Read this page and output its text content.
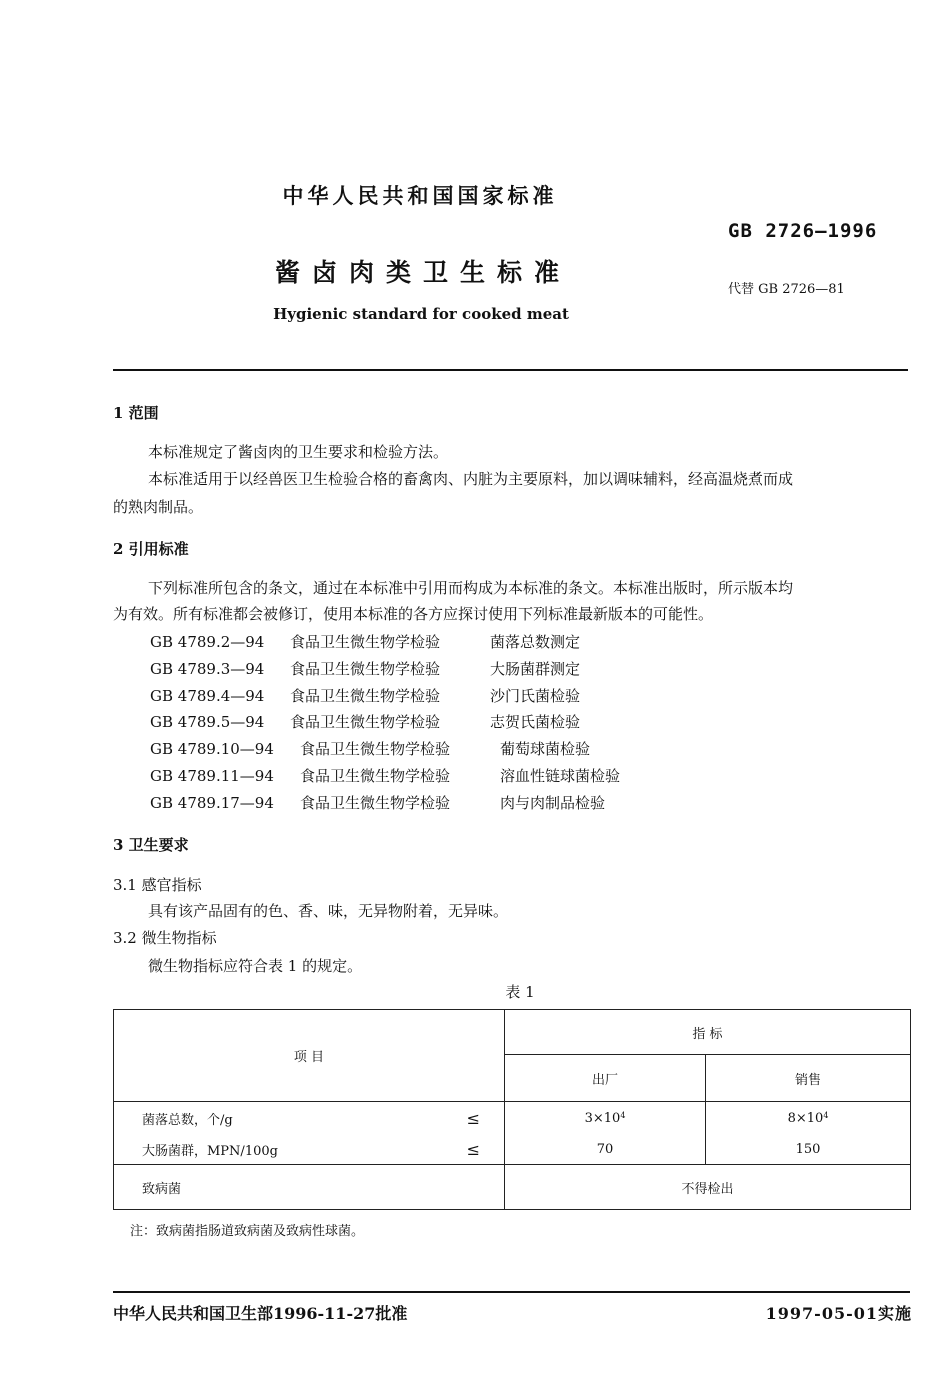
中华人民共和国国家标准
GB 2726—1996
酱卤肉类卫生标准
代替 GB 2726—81
Hygienic standard for cooked meat
1 范围
本标准规定了酱卤肉的卫生要求和检验方法。
本标准适用于以经兽医卫生检验合格的畜禽肉、内脏为主要原料，加以调味辅料，经高温烧煮而成
的熟肉制品。
2 引用标准
下列标准所包含的条文，通过在本标准中引用而构成为本标准的条文。本标准出版时，所示版本均
为有效。所有标准都会被修订，使用本标准的各方应探讨使用下列标准最新版本的可能性。
GB 4789.2—94 食品卫生微生物学检验	菌落总数测定
GB 4789.3—94 食品卫生微生物学检验	大肠菌群测定
GB 4789.4—94 食品卫生微生物学检验	沙门氏菌检验
GB 4789.5—94 食品卫生微生物学检验	志贺氏菌检验
GB 4789.10—94 食品卫生微生物学检验	葡萄球菌检验
GB 4789.11—94 食品卫生微生物学检验	溶血性链球菌检验
GB 4789.17—94 食品卫生微生物学检验	肉与肉制品检验
3 卫生要求
3.1 感官指标
具有该产品固有的色、香、味，无异物附着，无异味。
3.2 微生物指标
微生物指标应符合表 1 的规定。
表 1
项 目	指 标	
	出厂	销售
菌落总数，个/g ≤	$3\times 10^4$	$8\times 10^4$
大肠菌群，MPN/100g ≤	70	150
致病菌	不得检出	
注：致病菌指肠道致病菌及致病性球菌。
中华人民共和国卫生部1996-11-27批准	1997-05-01实施
